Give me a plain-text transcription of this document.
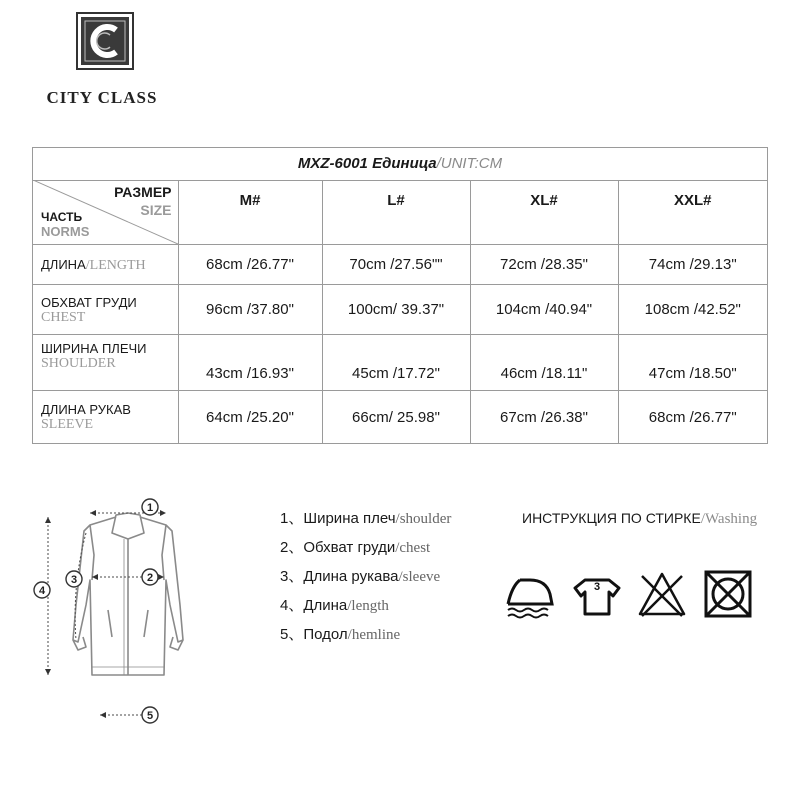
CITY CLASS
MXZ-6001 Единица/UNIT:CM
РАЗМЕР
SIZE
ЧАСТЬ
NORMS	M#	L#	XL#	XXL#
ДЛИНА/LENGTH	68cm /26.77"	70cm /27.56""	72cm /28.35"	74cm /29.13"

ОБХВАТ ГРУДИ
CHEST	96cm /37.80"	100cm/ 39.37"	104cm /40.94"	108cm /42.52"

ШИРИНА ПЛЕЧИ
SHOULDER	43cm /16.93"	45cm /17.72"	46cm /18.11"	47cm /18.50"

ДЛИНА РУКАВ
SLEEVE	64cm /25.20"	66cm/ 25.98"	67cm /26.38"	68cm /26.77"
1
2
3
4
5
1、Ширина плеч/shoulder
2、Обхват груди/chest
3、Длина рукава/sleeve
4、Длина/length
5、Подол/hemline
ИНСТРУКЦИЯ ПО СТИРКЕ/Washing
3
